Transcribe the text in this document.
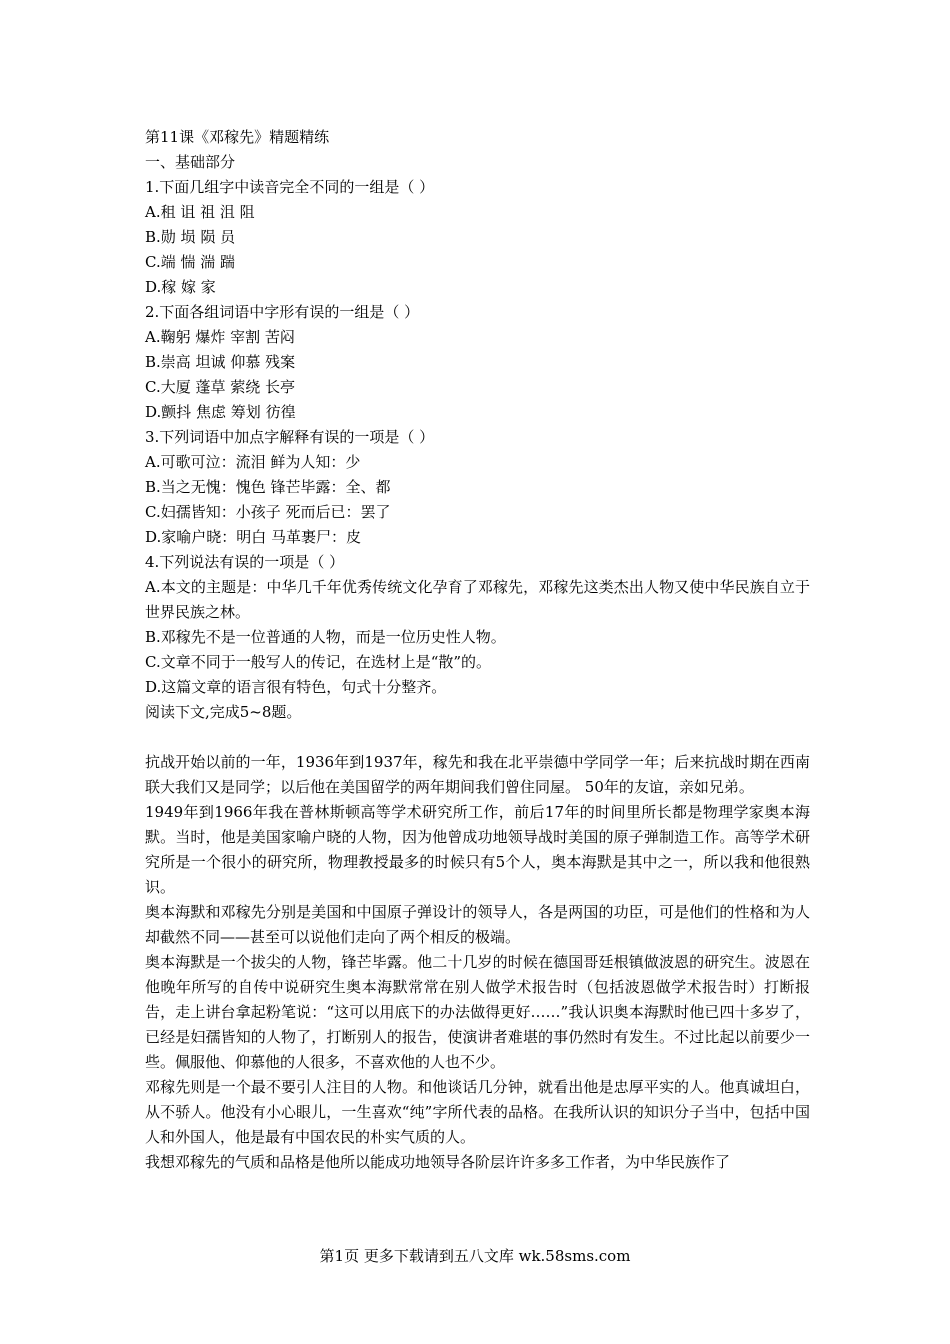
第11课《邓稼先》精题精练

一、基础部分

1.下面几组字中读音完全不同的一组是（ ）

A.租 诅 祖 沮 阻

B.勋 埙 陨 员

C.端 惴 湍 踹

D.稼 嫁 家

2.下面各组词语中字形有误的一组是（ ）

A.鞠躬 爆炸 宰割 苦闷

B.崇高 坦诚 仰慕 残案

C.大厦 蓬草 萦绕 长亭

D.颤抖 焦虑 筹划 彷徨

3.下列词语中加点字解释有误的一项是（ ）

A.可歌可泣：流泪 鲜为人知：少

B.当之无愧：愧色 锋芒毕露：全、都

C.妇孺皆知：小孩子 死而后已：罢了

D.家喻户晓：明白 马革裹尸：皮

4.下列说法有误的一项是（ ）

A.本文的主题是：中华几千年优秀传统文化孕育了邓稼先，邓稼先这类杰出人物又使中华民族自立于世界民族之林。

B.邓稼先不是一位普通的人物，而是一位历史性人物。

C.文章不同于一般写人的传记，在选材上是“散”的。

D.这篇文章的语言很有特色，句式十分整齐。

阅读下文,完成5~8题。

抗战开始以前的一年，1936年到1937年，稼先和我在北平崇德中学同学一年；后来抗战时期在西南联大我们又是同学；以后他在美国留学的两年期间我们曾住同屋。 50年的友谊，亲如兄弟。

1949年到1966年我在普林斯顿高等学术研究所工作，前后17年的时间里所长都是物理学家奥本海默。当时，他是美国家喻户晓的人物，因为他曾成功地领导战时美国的原子弹制造工作。高等学术研究所是一个很小的研究所，物理教授最多的时候只有5个人，奥本海默是其中之一，所以我和他很熟识。

奥本海默和邓稼先分别是美国和中国原子弹设计的领导人，各是两国的功臣，可是他们的性格和为人却截然不同——甚至可以说他们走向了两个相反的极端。

奥本海默是一个拔尖的人物，锋芒毕露。他二十几岁的时候在德国哥廷根镇做波恩的研究生。波恩在他晚年所写的自传中说研究生奥本海默常常在别人做学术报告时（包括波恩做学术报告时）打断报告，走上讲台拿起粉笔说：“这可以用底下的办法做得更好……”我认识奥本海默时他已四十多岁了，已经是妇孺皆知的人物了，打断别人的报告，使演讲者难堪的事仍然时有发生。不过比起以前要少一些。佩服他、仰慕他的人很多，不喜欢他的人也不少。

邓稼先则是一个最不要引人注目的人物。和他谈话几分钟，就看出他是忠厚平实的人。他真诚坦白，从不骄人。他没有小心眼儿，一生喜欢“纯”字所代表的品格。在我所认识的知识分子当中，包括中国人和外国人，他是最有中国农民的朴实气质的人。

我想邓稼先的气质和品格是他所以能成功地领导各阶层许许多多工作者，为中华民族作了

第1页 更多下载请到五八文库 wk.58sms.com
